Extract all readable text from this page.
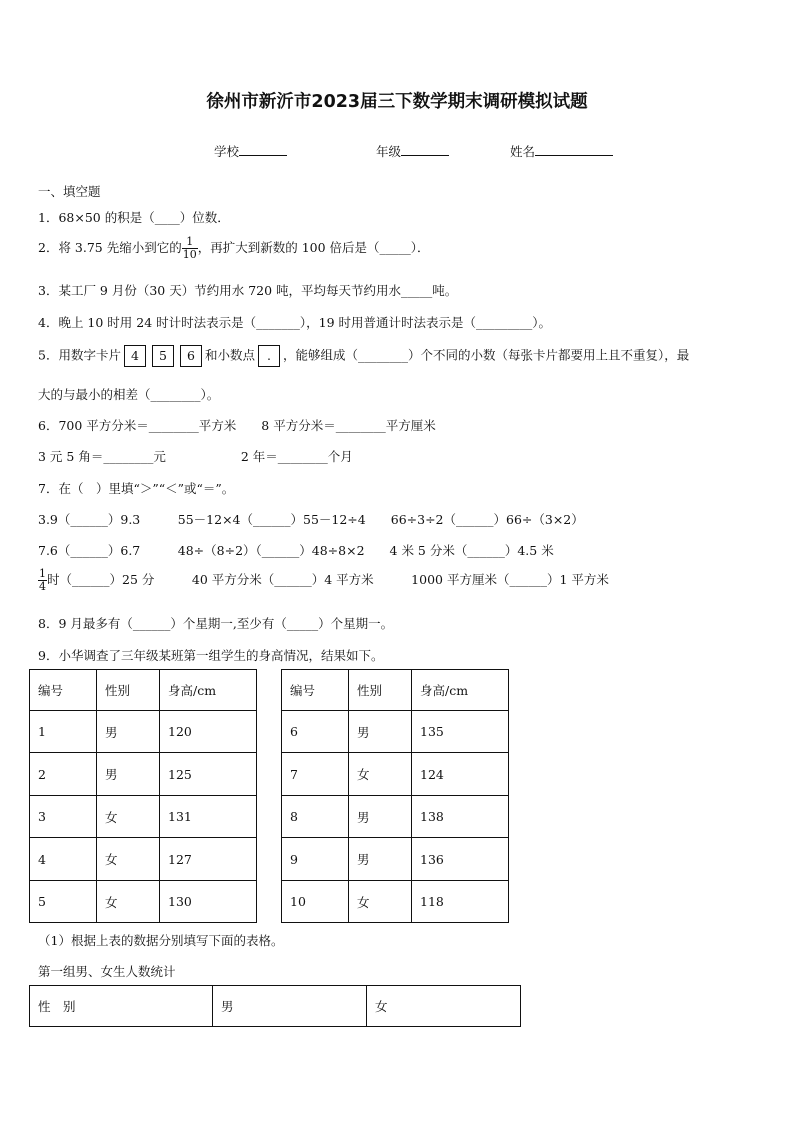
徐州市新沂市2023届三下数学期末调研模拟试题
学校	年级	姓名
一、填空题
1．68×50 的积是（____）位数．
2．将 3.75 先缩小到它的 $\frac{1}{10}$ ，再扩大到新数的 100 倍后是（_____）．
3．某工厂 9 月份（30 天）节约用水 720 吨，平均每天节约用水_____吨。
4．晚上 10 时用 24 时计时法表示是（_______），19 时用普通计时法表示是（_________）。
5．用数字卡片 4 5 6 和小数点 . ，能够组成（________）个不同的小数（每张卡片都要用上且不重复），最
大的与最小的相差（________）。
6．700 平方分米＝________平方米　　8 平方分米＝________平方厘米
3 元 5 角＝________元　　　　　　2 年＝________个月
7．在（　）里填“＞”“＜”或“＝”。
3.9（______）9.3　　　55－12×4（______）55－12÷4　　66÷3÷2（______）66÷（3×2）
7.6（______）6.7　　　48÷（8÷2）（______）48÷8×2　　4 米 5 分米（______）4.5 米
$\frac{1}{4}$ 时（______）25 分　　　40 平方分米（______）4 平方米　　　1000 平方厘米（______）1 平方米
8．9 月最多有（______）个星期一,至少有（_____）个星期一。
9．小华调查了三年级某班第一组学生的身高情况，结果如下。
编号	性别	身高/cm
1	男	120
2	男	125
3	女	131
4	女	127
5	女	130
编号	性别	身高/cm
6	男	135
7	女	124
8	男	138
9	男	136
10	女	118
（1）根据上表的数据分别填写下面的表格。
第一组男、女生人数统计
性　别	男	女
